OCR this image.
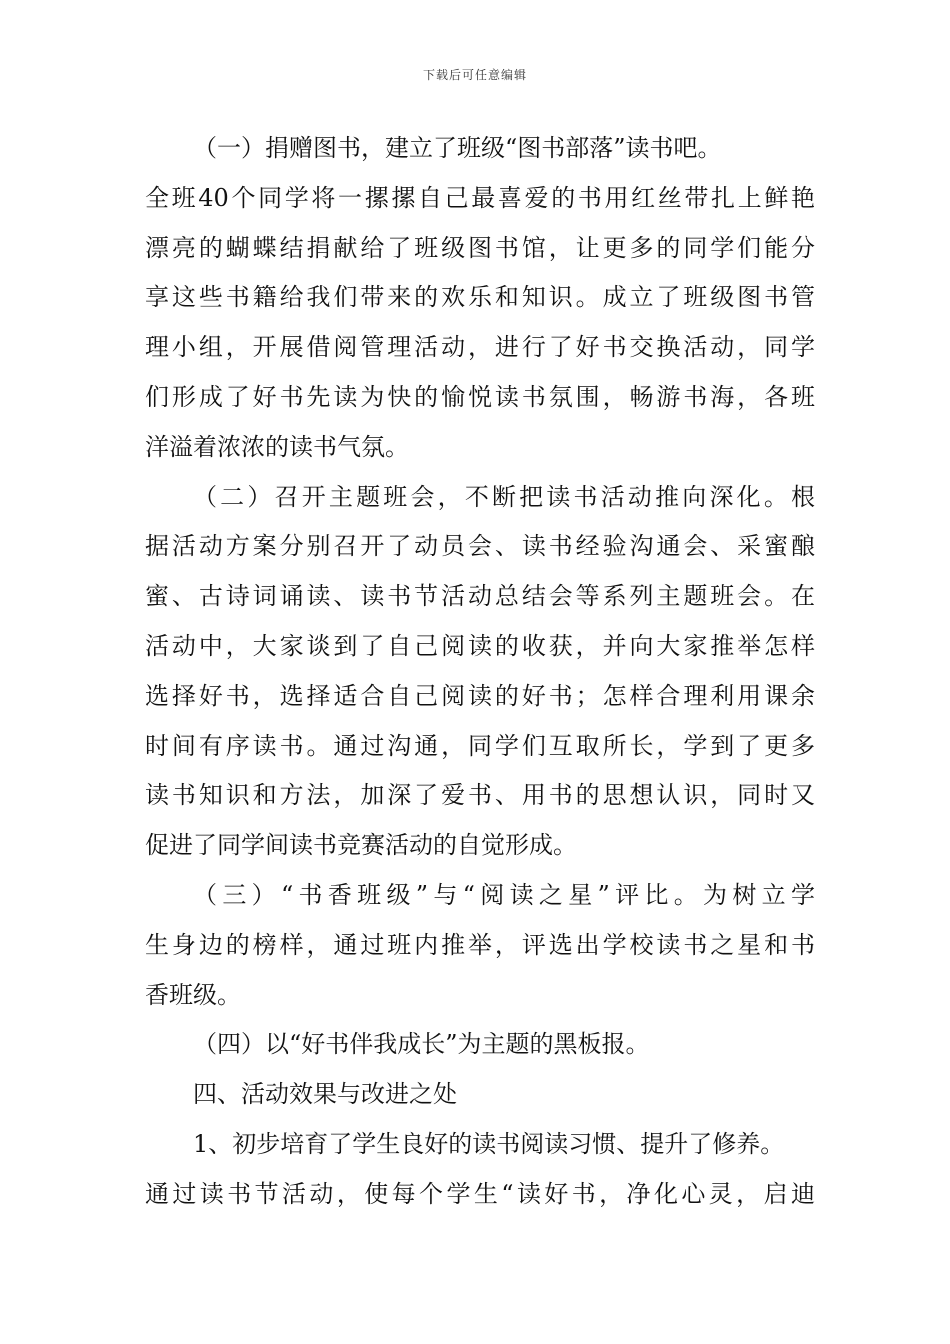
下载后可任意编辑
（一）捐赠图书，建立了班级“图书部落”读书吧。
全班40个同学将一摞摞自己最喜爱的书用红丝带扎上鲜艳
漂亮的蝴蝶结捐献给了班级图书馆，让更多的同学们能分
享这些书籍给我们带来的欢乐和知识。成立了班级图书管
理小组，开展借阅管理活动，进行了好书交换活动，同学
们形成了好书先读为快的愉悦读书氛围，畅游书海，各班
洋溢着浓浓的读书气氛。
（二）召开主题班会，不断把读书活动推向深化。根
据活动方案分别召开了动员会、读书经验沟通会、采蜜酿
蜜、古诗词诵读、读书节活动总结会等系列主题班会。在
活动中，大家谈到了自己阅读的收获，并向大家推举怎样
选择好书，选择适合自己阅读的好书；怎样合理利用课余
时间有序读书。通过沟通，同学们互取所长，学到了更多
读书知识和方法，加深了爱书、用书的思想认识，同时又
促进了同学间读书竞赛活动的自觉形成。
（三）“书香班级”与“阅读之星”评比。为树立学
生身边的榜样，通过班内推举，评选出学校读书之星和书
香班级。
（四）以“好书伴我成长”为主题的黑板报。
四、活动效果与改进之处
1、初步培育了学生良好的读书阅读习惯、提升了修养。
通过读书节活动，使每个学生“读好书，净化心灵，启迪
